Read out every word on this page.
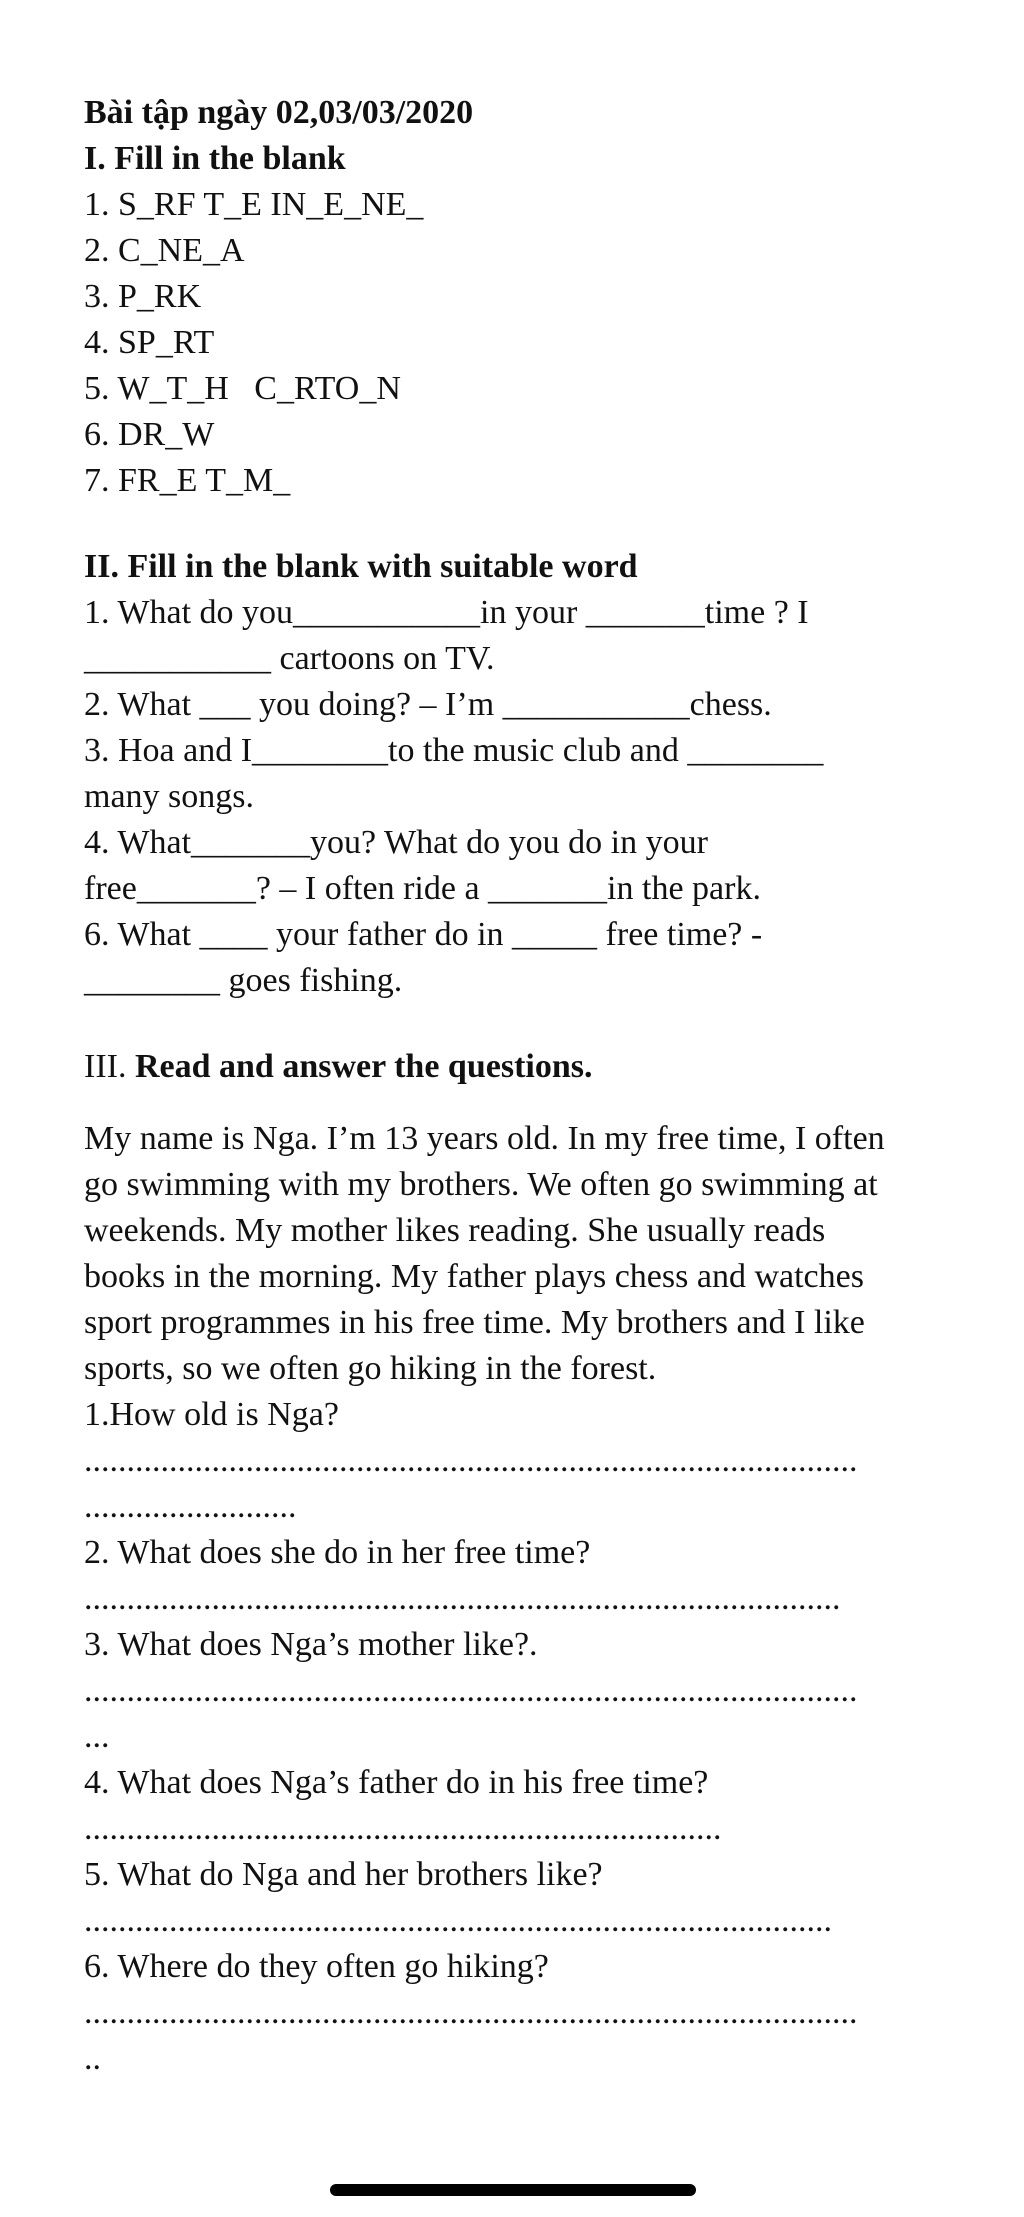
Bài tập ngày 02,03/03/2020
I. Fill in the blank
1. S_RF T_E IN_E_NE_
2. C_NE_A
3. P_RK
4. SP_RT
5. W_T_H   C_RTO_N
6. DR_W
7. FR_E T_M_
II. Fill in the blank with suitable word
1. What do you___________in your _______time ? I
___________ cartoons on TV.
2. What ___ you doing? – I’m ___________chess.
3. Hoa and I________to the music club and ________
many songs.
4. What_______you? What do you do in your
free_______? – I often ride a _______in the park.
6. What ____ your father do in _____ free time? -
________ goes fishing.
III. Read and answer the questions.
My name is Nga. I’m 13 years old. In my free time, I often go swimming with my brothers. We often go swimming at weekends. My mother likes reading. She usually reads books in the morning. My father plays chess and watches sport programmes in his free time. My brothers and I like sports, so we often go hiking in the forest.
1.How old is Nga?
...........................................................................................
.........................
2. What does she do in her free time?
.........................................................................................
3. What does Nga’s mother like?.
...........................................................................................
...
4. What does Nga’s father do in his free time?
...........................................................................
5. What do Nga and her brothers like?
........................................................................................
6. Where do they often go hiking?
...........................................................................................
..
